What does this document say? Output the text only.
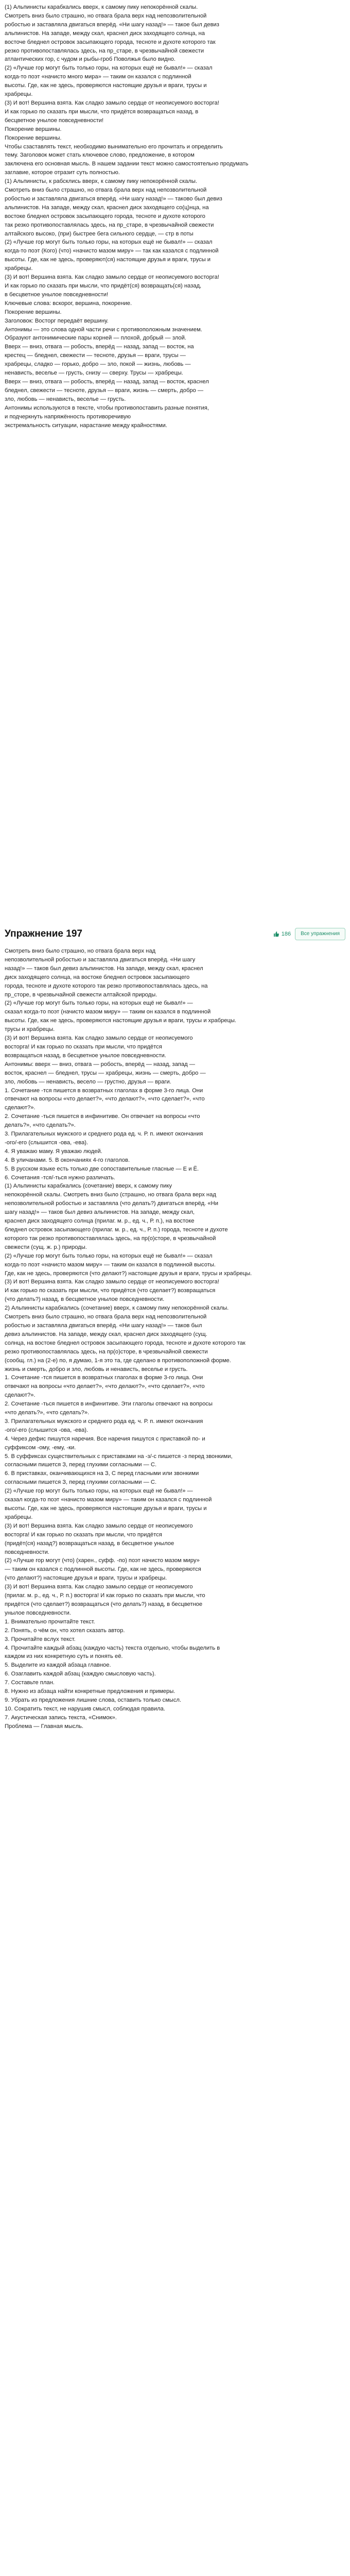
(1) Альпинисты карабкались вверх, к самому пику непокорённой скалы.

Смотреть вниз было страшно, но отвага брала верх над непозволительной

робостью и заставляла двигаться вперёд. «Ни шагу назад!» — такое был девиз

альпинистов. На западе, между скал, краснел диск заходящего солнца, на

восточе бледнел островок засыпающего города, тесноте и духоте которого так

резко противопоставлялась здесь, на пр_старе, в чрезвычайной свежести

атлантических гор, с чудом и рыбы-гроб Поволжья было видно.

(2) «Лучше гор могут быть только горы, на которых ещё не бывал!» — сказал

когда-то поэт «начисто много мира» — таким он казался с подлинной

высоты. Где, как не здесь, проверяются настоящие друзья и враги, трусы и

храбрецы.

(3) И вот! Вершина взята. Как сладко замыло сердце от неописуемого восторга!

И как горько по сказать при мысли, что придётся возвращаться назад, в

бесцветное унылое повседневности!

Покорение вершины.

Покорение вершины.

Чтобы сзаставлять текст, необходимо вынимательно его прочитать и определить

тему. Заголовок может стать ключевое слово, предложение, в котором

заключена его основная мысль. В нашем задании текст можно самостоятельно продумать

заглавие, которое отразит суть полностью.

(1) Альпинисты, к рабсклись вверх, к самому пику непокорённой скалы.

Смотреть вниз было страшно, но отвага брала верх над непозволительной

робостью и заставляла двигаться вперёд. «Ни шагу назад!» — таково был девиз

альпинистов. На западе, между скал, краснел диск заходящего со(ц)нца, на

востоке бледнел островок засыпающего города, тесноте и духоте которого

так резко противопоставлялась здесь, на пр_старе, в чрезвычайной свежести

алтайского высоко, (при) быстрее бега сильного сердце, — стр в поты

(2) «Лучше гор могут быть только горы, на которых ещё не бывал!» — сказал

когда-то поэт (Кого) (что) «начисто мазом миру» — так как казался с подлинной

высоты. Где, как не здесь, проверяют(ся) настоящие друзья и враги, трусы и

храбрецы.

(3) И вот! Вершина взята. Как сладко замыло сердце от неописуемого восторга!

И как горько по сказать при мысли, что придёт(ся) возвращать(ся) назад,

в бесцветное унылое повседневности!

Ключевые слова: вскорог, вершина, покорение.

Покорение вершины.

Заголовок: Восторг передаёт вершину.

Антонимы — это слова одной части речи с противоположным значением.

Образуют антонимические пары корней — плохой, добрый — злой.

Вверх — вниз, отвага — робость, вперёд — назад, запад — восток, на

крестец — бледнел, свежести — тесноте, друзья — враги, трусы —

храбрецы, сладко — горько, добро — зло, покой — жизнь, любовь —

ненависть, веселье — грусть, снизу — сверху. Трусы — храбрецы.

Вверх — вниз, отвага — робость, вперёд — назад, запад — восток, краснел

бледнел, свежести — тесноте, друзья — враги, жизнь — смерть, добро —

зло, любовь — ненависть, веселье — грусть.

Антонимы используются в тексте, чтобы противопоставить разные понятия,

и подчеркнуть напряжённость противоречивую

экстремальность ситуации, нарастание между крайностями.

Упражнение 197	186	Все упражнения

Смотреть вниз было страшно, но отвага брала верх над

непозволительной робостью и заставляла двигаться вперёд. «Ни шагу

назад!» — таков был девиз альпинистов. На западе, между скал, краснел

диск заходящего солнца, на востоке бледнел островок засыпающего

города, тесноте и духоте которого так резко противопоставлялась здесь, на

пр_сторе, в чрезвычайной свежести алтайской природы.

(2) «Лучше гор могут быть только горы, на которых ещё не бывал!» —

сказал когда-то поэт (начисто мазом миру» — таким он казался в подлинной

высоты. Где, как не здесь, проверяются настоящие друзья и враги, трусы и храбрецы.

трусы и храбрецы.

(3) И вот! Вершина взята. Как сладко замыло сердце от неописуемого

восторга! И как горько по сказать при мысли, что придётся

возвращаться назад, в бесцветное унылое повседневности.

Антонимы: вверх — вниз, отвага — робость, вперёд — назад, запад —

восток, краснел — бледнел, трусы — храбрецы, жизнь — смерть, добро —

зло, любовь — ненависть, весело — грустно, друзья — враги.

1. Сочетание -тся пишется в возвратных глаголах в форме 3-го лица. Они

отвечают на вопросы «что делает?», «что делают?», «что сделает?», «что

сделают?».

2. Сочетание -ться пишется в инфинитиве. Он отвечает на вопросы «что

делать?», «что сделать?».

3. Прилагательных мужского и среднего рода ед. ч. Р. п. имеют окончания

-ого/-его (слышится -ова, -ева).

4. Я уважаю маму. Я уважаю людей.

4. В уличанами. 5. В окончаниях 4-го глаголов.

5. В русском языке есть только две сопоставительные гласные — Е и Ё.

6. Сочетания -тся/-ться нужно различать.

(1) Альпинисты карабкались (сочетание) вверх, к самому пику

непокорённой скалы. Смотреть вниз было (страшно, но отвага брала верх над

непозволительной робостью и заставляла (что делать?) двигаться вперёд. «Ни

шагу назад!» — таков был девиз альпинистов. На западе, между скал,

краснел диск заходящего солнца (прилаг. м. р., ед. ч., Р. п.), на востоке

бледнел островок засыпающего (прилаг. м. р., ед. ч., Р. п.) города, тесноте и духоте

которого так резко противопоставлялась здесь, на пр(о)сторе, в чрезвычайной

свежести (сущ. ж. р.) природы.

(2) «Лучше гор могут быть только горы, на которых ещё не бывал!» — сказал

когда-то поэт «начисто мазом миру» — таким он казался в подлинной высоты.

Где, как не здесь, проверяются (что делают?) настоящие друзья и враги, трусы и храбрецы.

(3) И вот! Вершина взята. Как сладко замыло сердце от неописуемого восторга!

И как горько по сказать при мысли, что придётся (что сделает?) возвращаться

(что делать?) назад, в бесцветное унылое повседневности.

2) Альпинисты карабкались (сочетание) вверх, к самому пику непокорённой скалы.

Смотреть вниз было страшно, но отвага брала верх над непозволительной

робостью и заставляла двигаться вперёд. «Ни шагу назад!» — таков был

девиз альпинистов. На западе, между скал, краснел диск заходящего (сущ.

солнца, на востоке бледнел островок засыпающего города, тесноте и духоте которого так

резко противопоставлялась здесь, на пр(о)сторе, в чрезвычайной свежести

(сообщ. гл.) на (2-е) по, я думаю, 1-я это та, где сделано в противоположной форме.

жизнь и смерть, добро и зло, любовь и ненависть, веселье и грусть.

1. Сочетание -тся пишется в возвратных глаголах в форме 3-го лица. Они

отвечают на вопросы «что делает?», «что делают?», «что сделает?», «что

сделают?».

2. Сочетание -ться пишется в инфинитиве. Эти глаголы отвечают на вопросы

«что делать?», «что сделать?».

3. Прилагательных мужского и среднего рода ед. ч. Р. п. имеют окончания

-ого/-его (слышится -ова, -ева).

4. Через дефис пишутся наречия. Все наречия пишутся с приставкой по- и

суффиксом -ому, -ему, -ки.

5. В суффиксах существительных с приставками на -з/-с пишется -з перед звонкими,

согласными пишется З, перед глухими согласными — С.

6. В приставках, оканчивающихся на З, С перед гласными или звонкими

согласными пишется З, перед глухими согласными — С.

(2) «Лучше гор могут быть только горы, на которых ещё не бывал!» —

сказал когда-то поэт «начисто мазом миру» — таким он казался с подлинной

высоты. Где, как не здесь, проверяются настоящие друзья и враги, трусы и

храбрецы.

(3) И вот! Вершина взята. Как сладко замыло сердце от неописуемого

восторга! И как горько по сказать при мысли, что придётся

(придёт(ся) назад?) возвращаться назад, в бесцветное унылое

повседневности.

(2) «Лучше гор могут (что) (харен., суфф. -по) поэт начисто мазом миру»

— таким он казался с подлинной высоты. Где, как не здесь, проверяются

(что делают?) настоящие друзья и враги, трусы и храбрецы.

(3) И вот! Вершина взята. Как сладко замыло сердце от неописуемого

(прилаг. м. р., ед. ч., Р. п.) восторга! И как горько по сказать при мысли, что

придётся (что сделает?) возвращаться (что делать?) назад, в бесцветное

унылое повседневности.

1. Внимательно прочитайте текст.

2. Понять, о чём он, что хотел сказать автор.

3. Прочитайте вслух текст.

4. Прочитайте каждый абзац (каждую часть) текста отдельно, чтобы выделить в

каждом из них конкретную суть и понять её.

5. Выделите из каждой абзаца главное.

6. Озаглавить каждой абзац (каждую смысловую часть).

7. Составьте план.

8. Нужно из абзаца найти конкретные предложения и примеры.

9. Убрать из предложения лишние слова, оставить только смысл.

10. Сократить текст, не нарушив смысл, соблюдая правила.

7. Акустическая запись текста, «Снимок».

Проблема — Главная мысль.
